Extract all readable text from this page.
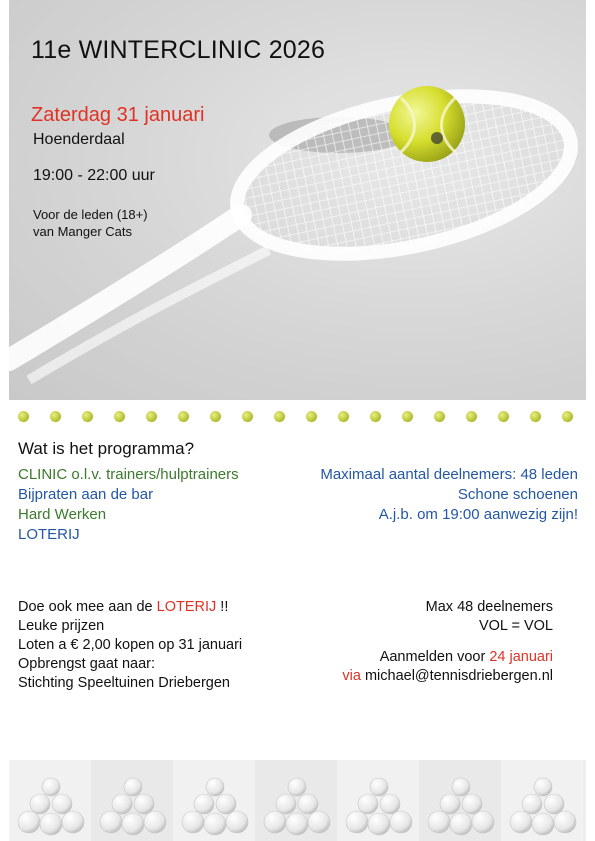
11e WINTERCLINIC 2026
Zaterdag 31 januari
Hoenderdaal
19:00 - 22:00 uur
Voor de leden (18+)
van Manger Cats
Wat is het programma?
CLINIC o.l.v. trainers/hulptrainers
Bijpraten aan de bar
Hard Werken
LOTERIJ
Maximaal aantal deelnemers: 48 leden
Schone schoenen
A.j.b. om 19:00 aanwezig zijn!
Doe ook mee aan de LOTERIJ !!
Leuke prijzen
Loten a € 2,00 kopen op 31 januari
Opbrengst gaat naar:
Stichting Speeltuinen Driebergen
Max 48 deelnemers
VOL = VOL
Aanmelden voor 24 januari
via michael@tennisdriebergen.nl
